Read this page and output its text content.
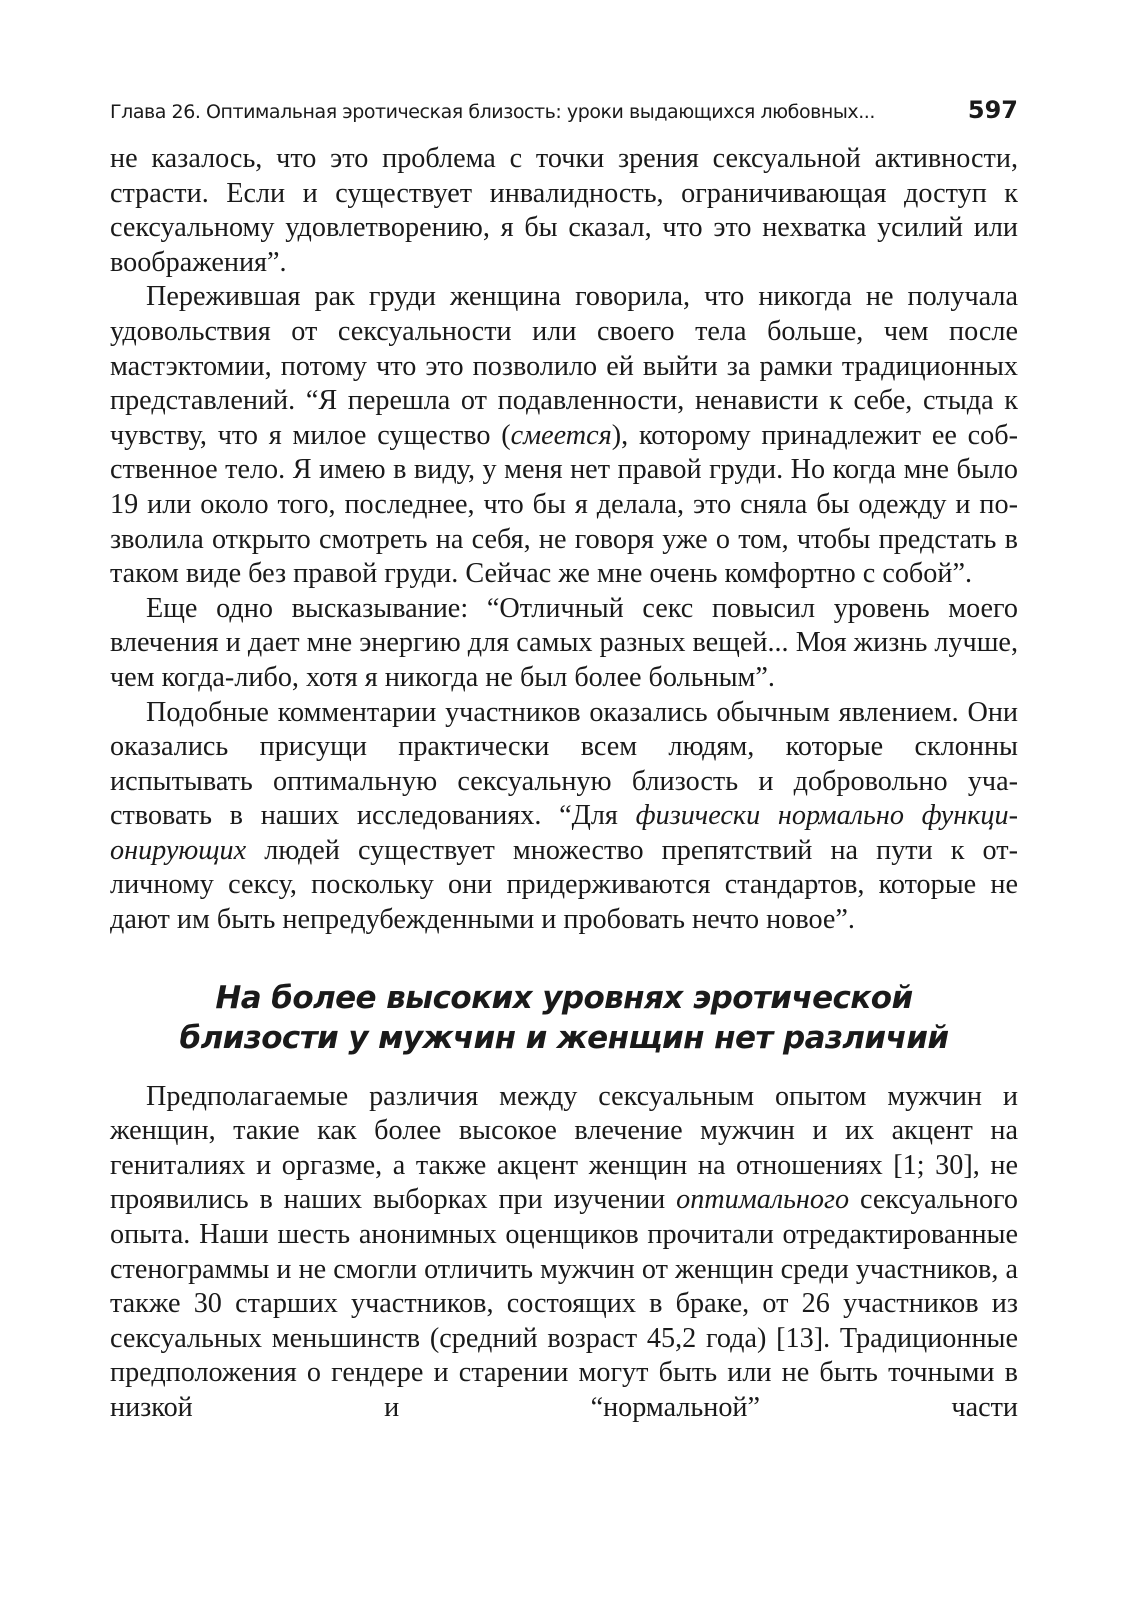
Глава 26. Оптимальная эротическая близость: уроки выдающихся любовных...	597

не казалось, что это проблема с точки зрения сексуальной активности, страсти. Если и существует инвалидность, ограничивающая доступ к сексуальному удовлетворению, я бы сказал, что это нехватка усилий или воображения”.

Пережившая рак груди женщина говорила, что никогда не получала удовольствия от сексуальности или своего тела больше, чем после мастэктомии, потому что это позволило ей выйти за рамки традиционных представлений. “Я перешла от подавленности, ненависти к себе, стыда к чувству, что я милое существо (смеется), которому принадлежит ее собственное тело. Я имею в виду, у меня нет правой груди. Но когда мне было 19 или около того, последнее, что бы я делала, это сняла бы одежду и позволила открыто смотреть на себя, не говоря уже о том, чтобы предстать в таком виде без правой груди. Сейчас же мне очень комфортно с собой”.

Еще одно высказывание: “Отличный секс повысил уровень моего влечения и дает мне энергию для самых разных вещей... Моя жизнь лучше, чем когда-либо, хотя я никогда не был более больным”.

Подобные комментарии участников оказались обычным явлением. Они оказались присущи практически всем людям, которые склонны испытывать оптимальную сексуальную близость и добровольно участвовать в наших исследованиях. “Для физически нормально функционирующих людей существует множество препятствий на пути к отличному сексу, поскольку они придерживаются стандартов, которые не дают им быть непредубежденными и пробовать нечто новое”.

На более высоких уровнях эротической
близости у мужчин и женщин нет различий

Предполагаемые различия между сексуальным опытом мужчин и женщин, такие как более высокое влечение мужчин и их акцент на гениталиях и оргазме, а также акцент женщин на отношениях [1; 30], не проявились в наших выборках при изучении оптимального сексуального опыта. Наши шесть анонимных оценщиков прочитали отредактированные стенограммы и не смогли отличить мужчин от женщин среди участников, а также 30 старших участников, состоящих в браке, от 26 участников из сексуальных меньшинств (средний возраст 45,2 года) [13]. Традиционные предположения о гендере и старении могут быть или не быть точными в низкой и “нормальной” части
